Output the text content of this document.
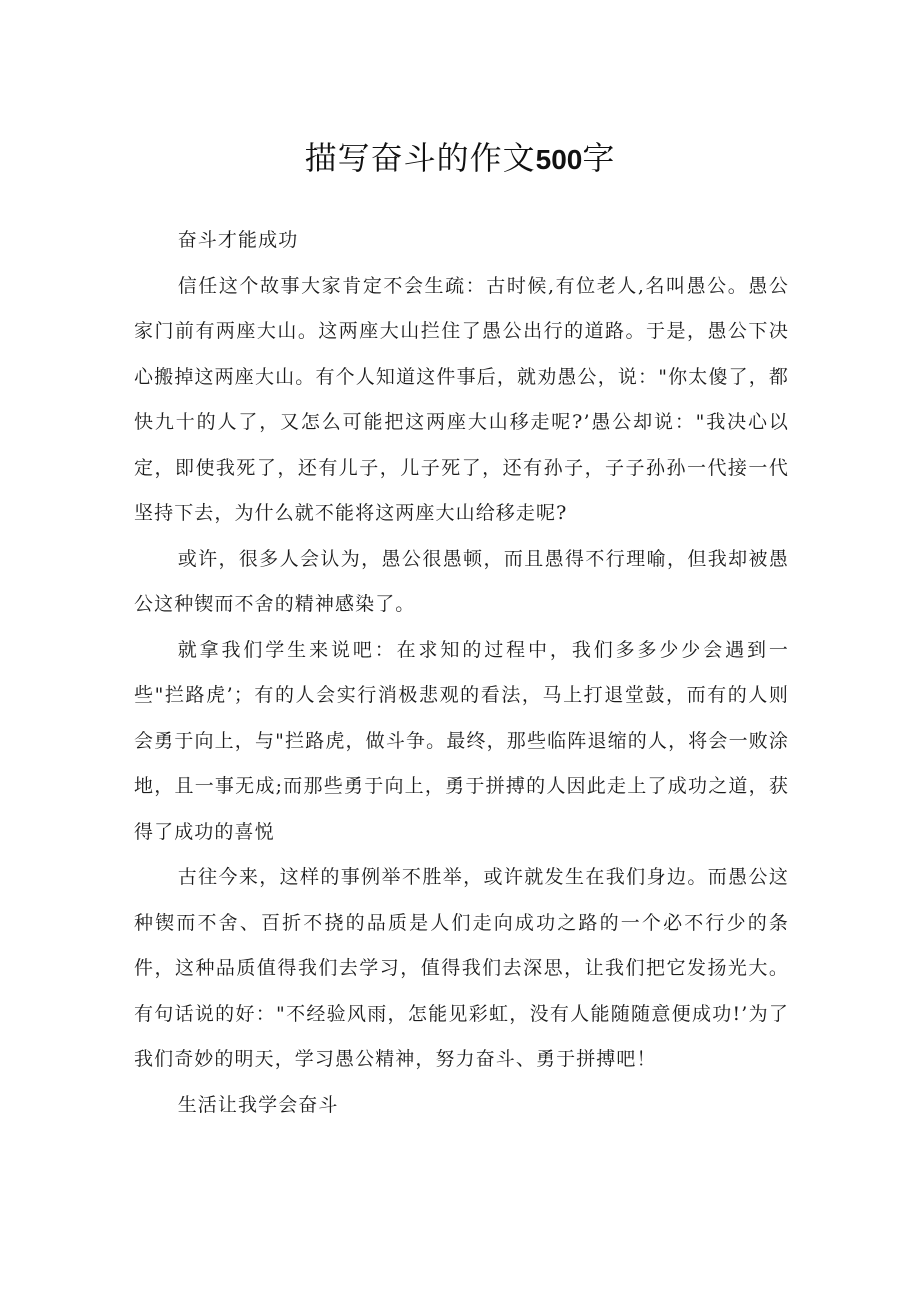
描写奋斗的作文500字

奋斗才能成功

信任这个故事大家肯定不会生疏：古时候,有位老人,名叫愚公。愚公家门前有两座大山。这两座大山拦住了愚公出行的道路。于是，愚公下决心搬掉这两座大山。有个人知道这件事后，就劝愚公，说："你太傻了，都快九十的人了，又怎么可能把这两座大山移走呢?’愚公却说："我决心以定，即使我死了，还有儿子，儿子死了，还有孙子，子子孙孙一代接一代坚持下去，为什么就不能将这两座大山给移走呢?

或许，很多人会认为，愚公很愚顿，而且愚得不行理喻，但我却被愚公这种锲而不舍的精神感染了。

就拿我们学生来说吧：在求知的过程中，我们多多少少会遇到一些"拦路虎’；有的人会实行消极悲观的看法，马上打退堂鼓，而有的人则会勇于向上，与"拦路虎，做斗争。最终，那些临阵退缩的人，将会一败涂地，且一事无成;而那些勇于向上，勇于拼搏的人因此走上了成功之道，获得了成功的喜悦

古往今来，这样的事例举不胜举，或许就发生在我们身边。而愚公这种锲而不舍、百折不挠的品质是人们走向成功之路的一个必不行少的条件，这种品质值得我们去学习，值得我们去深思，让我们把它发扬光大。有句话说的好："不经验风雨，怎能见彩虹，没有人能随随意便成功!’为了我们奇妙的明天，学习愚公精神，努力奋斗、勇于拼搏吧！

生活让我学会奋斗
